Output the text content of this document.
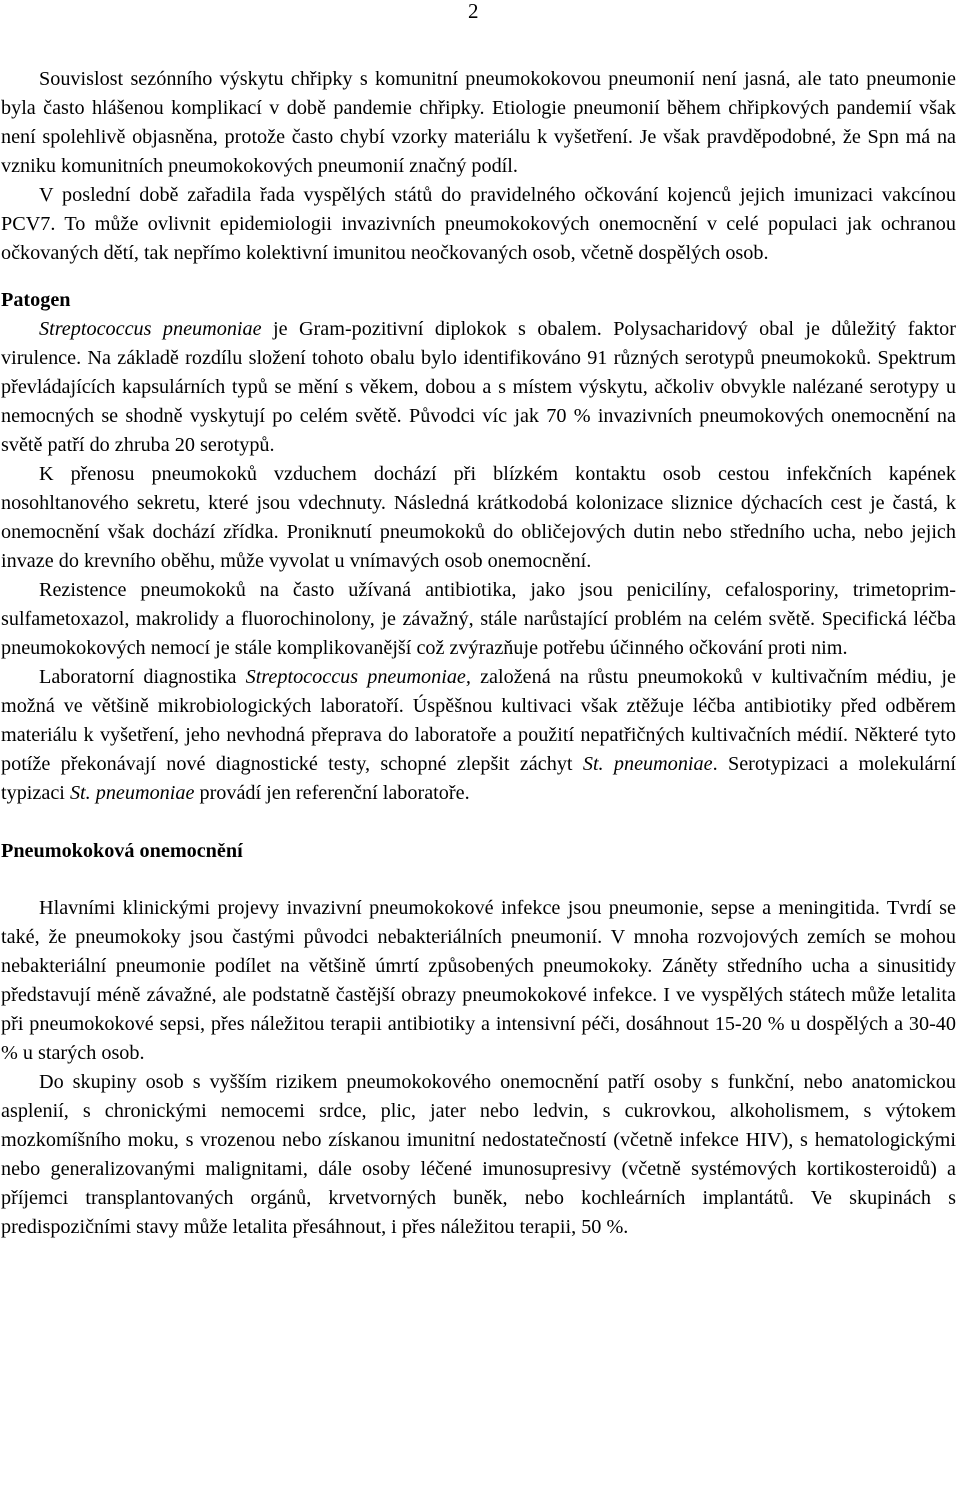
2

Souvislost sezónního výskytu chřipky s komunitní pneumokokovou pneumonií není jasná, ale tato pneumonie byla často hlášenou komplikací v době pandemie chřipky. Etiologie pneumonií během chřipkových pandemií však není spolehlivě objasněna, protože často chybí vzorky materiálu k vyšetření. Je však pravděpodobné, že Spn má na vzniku komunitních pneumokokových pneumonií značný podíl.

V poslední době zařadila řada vyspělých států do pravidelného očkování kojenců jejich imunizaci vakcínou PCV7. To může ovlivnit epidemiologii invazivních pneumokokových onemocnění v celé populaci jak ochranou očkovaných dětí, tak nepřímo kolektivní imunitou neočkovaných osob, včetně dospělých osob.

Patogen

Streptococcus pneumoniae je Gram-pozitivní diplokok s obalem. Polysacharidový obal je důležitý faktor virulence. Na základě rozdílu složení tohoto obalu bylo identifikováno 91 různých serotypů pneumokoků. Spektrum převládajících kapsulárních typů se mění s věkem, dobou a s místem výskytu, ačkoliv obvykle nalézané serotypy u nemocných se shodně vyskytují po celém světě. Původci víc jak 70 % invazivních pneumokových onemocnění na světě patří do zhruba 20 serotypů.

K přenosu pneumokoků vzduchem dochází při blízkém kontaktu osob cestou infekčních kapének nosohltanového sekretu, které jsou vdechnuty. Následná krátkodobá kolonizace sliznice dýchacích cest je častá, k onemocnění však dochází zřídka. Proniknutí pneumokoků do obličejových dutin nebo středního ucha, nebo jejich invaze do krevního oběhu, může vyvolat u vnímavých osob onemocnění.

Rezistence pneumokoků na často užívaná antibiotika, jako jsou penicilíny, cefalosporiny, trimetoprim-sulfametoxazol, makrolidy a fluorochinolony, je závažný, stále narůstající problém na celém světě. Specifická léčba pneumokokových nemocí je stále komplikovanější což zvýrazňuje potřebu účinného očkování proti nim.

Laboratorní diagnostika Streptococcus pneumoniae, založená na růstu pneumokoků v kultivačním médiu, je možná ve většině mikrobiologických laboratoří. Úspěšnou kultivaci však ztěžuje léčba antibiotiky před odběrem materiálu k vyšetření, jeho nevhodná přeprava do laboratoře a použití nepatřičných kultivačních médií. Některé tyto potíže překonávají nové diagnostické testy, schopné zlepšit záchyt St. pneumoniae. Serotypizaci a molekulární typizaci St. pneumoniae provádí jen referenční laboratoře.

Pneumokoková onemocnění

Hlavními klinickými projevy invazivní pneumokokové infekce jsou pneumonie, sepse a meningitida. Tvrdí se také, že pneumokoky jsou častými původci nebakteriálních pneumonií. V mnoha rozvojových zemích se mohou nebakteriální pneumonie podílet na většině úmrtí způsobených pneumokoky. Záněty středního ucha a sinusitidy představují méně závažné, ale podstatně častější obrazy pneumokokové infekce. I ve vyspělých státech může letalita při pneumokokové sepsi, přes náležitou terapii antibiotiky a intensivní péči, dosáhnout 15-20 % u dospělých a 30-40 % u starých osob.

Do skupiny osob s vyšším rizikem pneumokokového onemocnění patří osoby s funkční, nebo anatomickou asplenií, s chronickými nemocemi srdce, plic, jater nebo ledvin, s cukrovkou, alkoholismem, s výtokem mozkomíšního moku, s vrozenou nebo získanou imunitní nedostatečností (včetně infekce HIV), s hematologickými nebo generalizovanými malignitami, dále osoby léčené imunosupresivy (včetně systémových kortikosteroidů) a příjemci transplantovaných orgánů, krvetvorných buněk, nebo kochleárních implantátů. Ve skupinách s predispozičními stavy může letalita přesáhnout, i přes náležitou terapii, 50 %.
